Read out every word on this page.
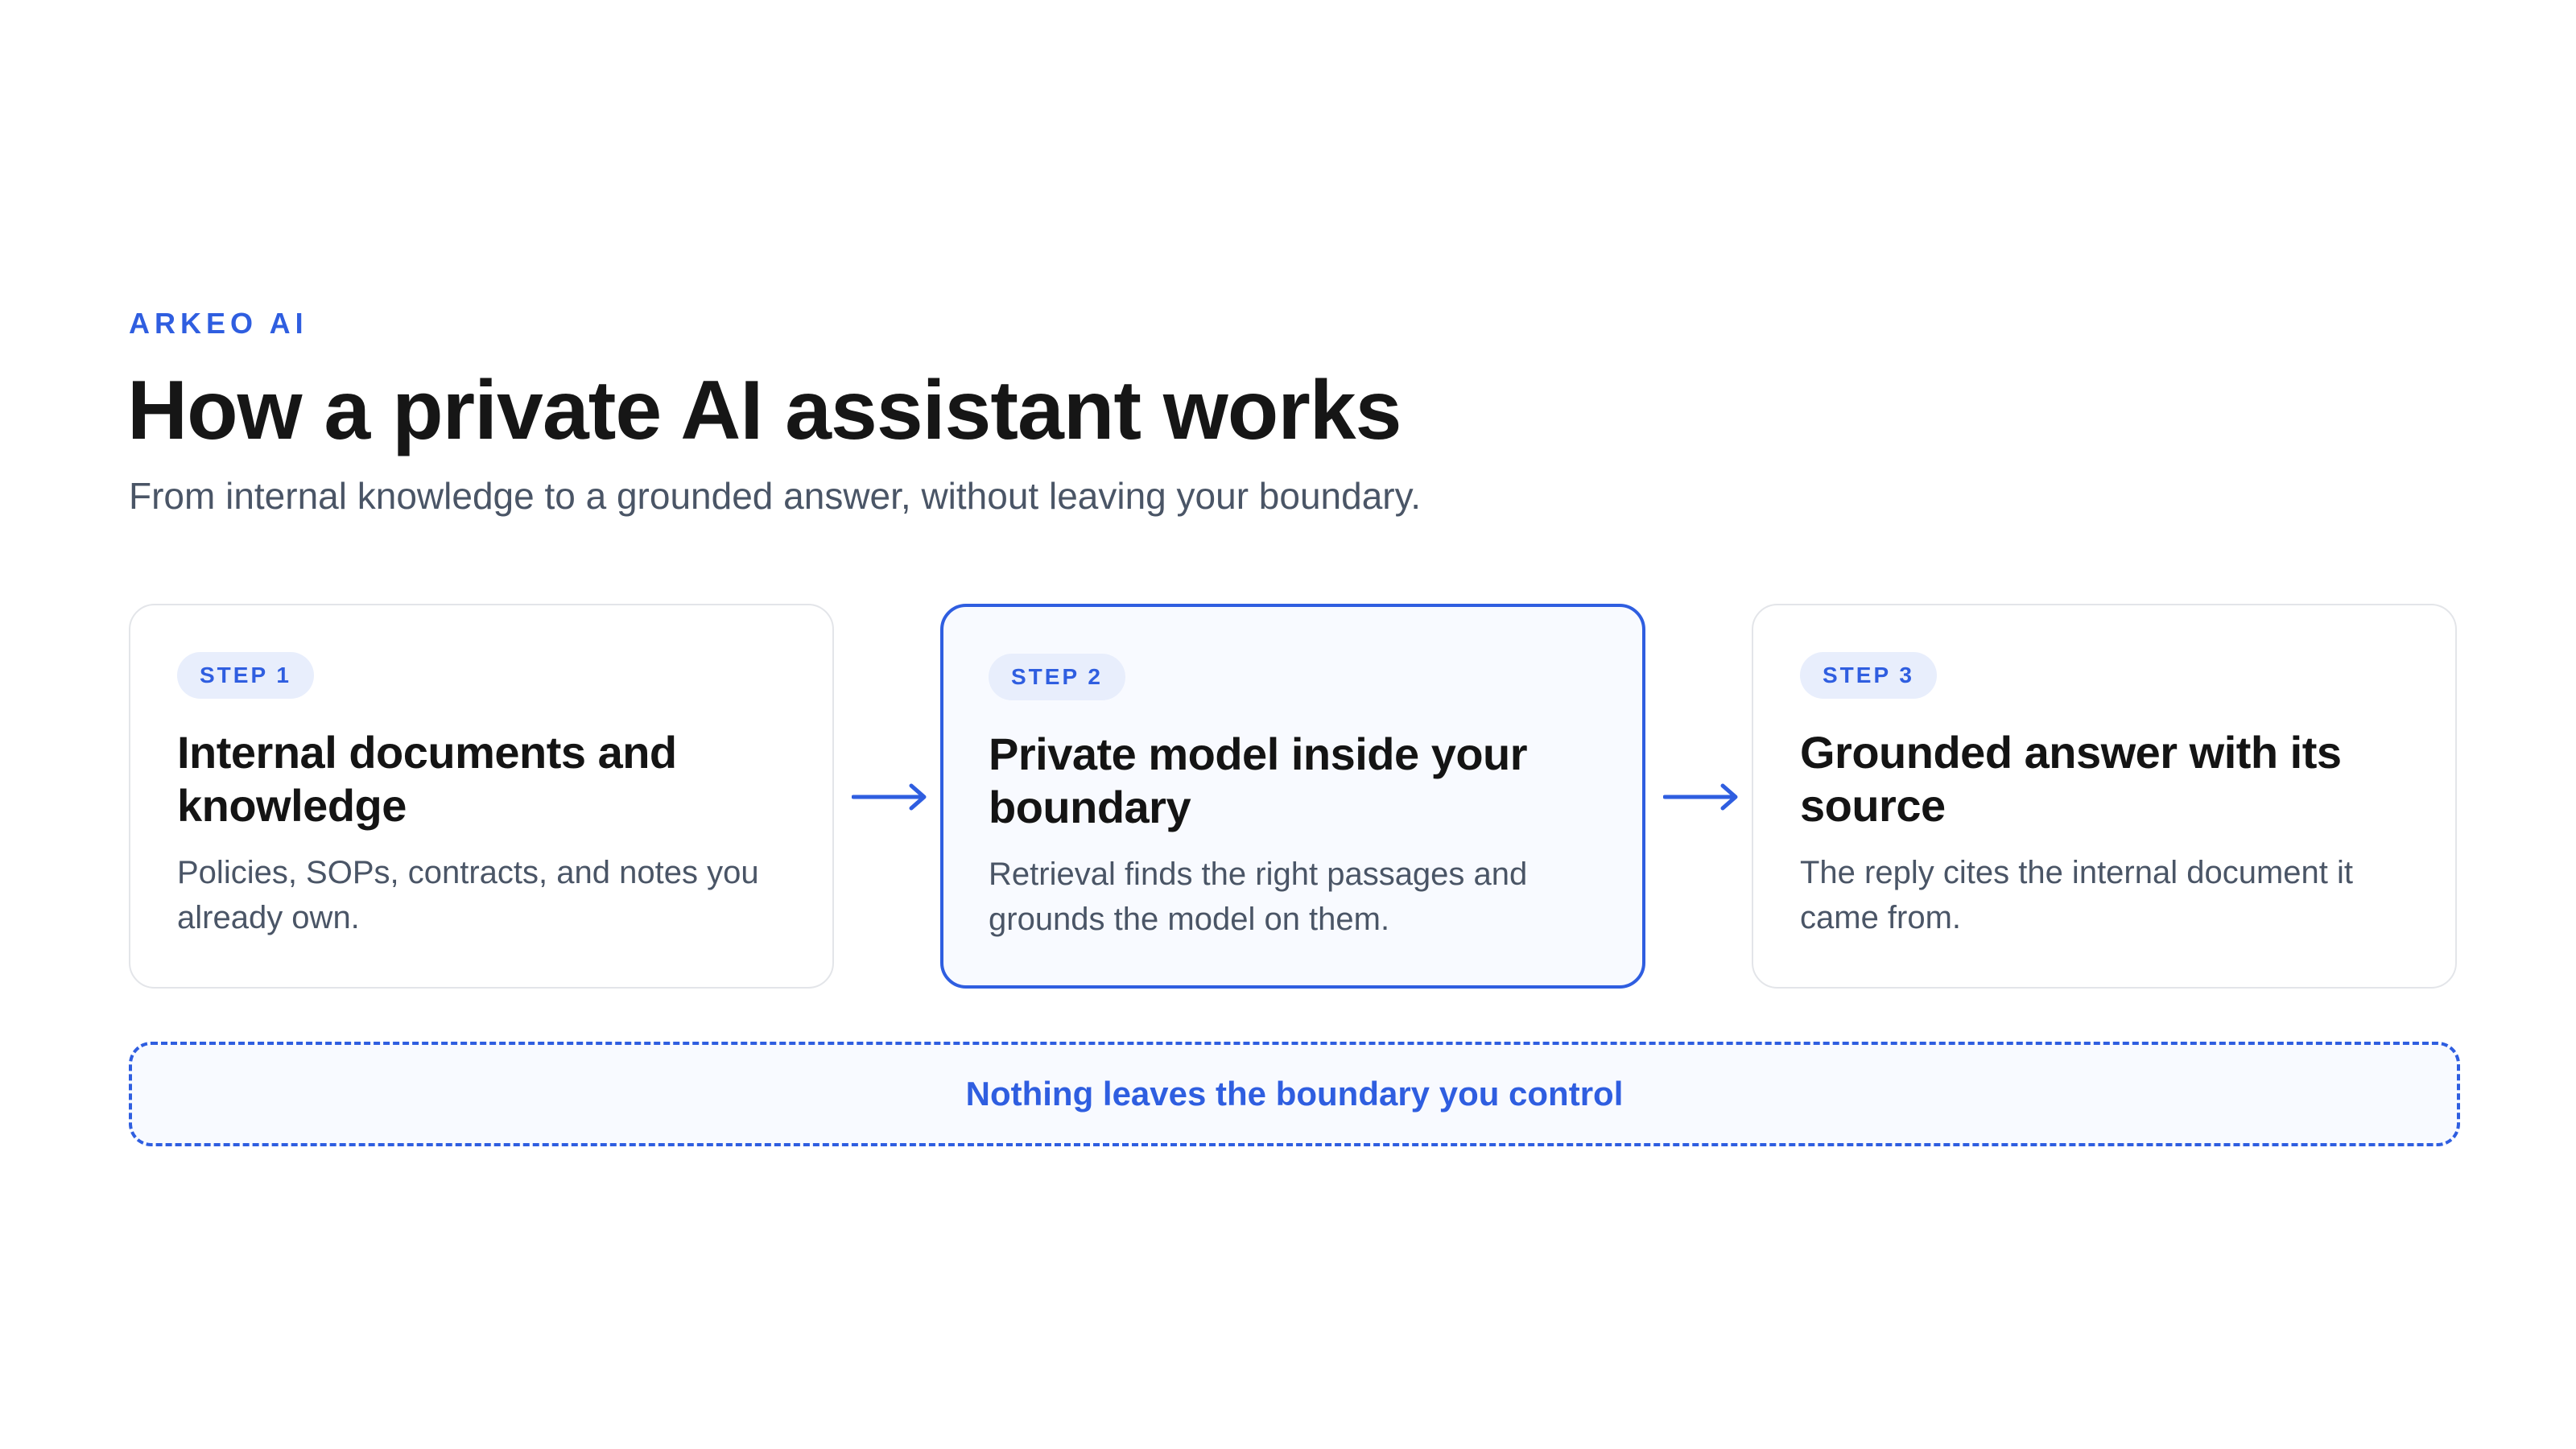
ARKEO AI
How a private AI assistant works

From internal knowledge to a grounded answer, without leaving your boundary.

STEP 1
Internal documents and knowledge
Policies, SOPs, contracts, and notes you already own.
STEP 2
Private model inside your boundary
Retrieval finds the right passages and grounds the model on them.
STEP 3
Grounded answer with its source
The reply cites the internal document it came from.
Nothing leaves the boundary you control
